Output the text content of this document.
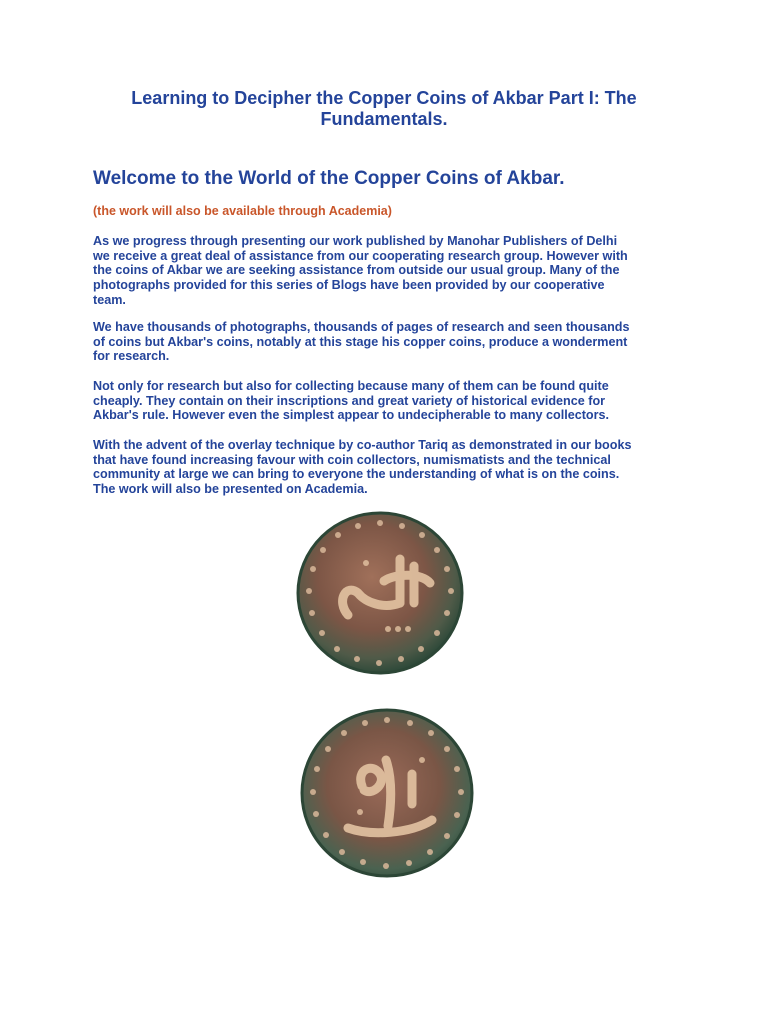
Learning to Decipher the Copper Coins of Akbar Part I: The
Fundamentals.
Welcome to the World of the Copper Coins of Akbar.
(the work will also be available through Academia)
As we progress through presenting our work published by Manohar Publishers of Delhi
we receive a great deal of assistance from our cooperating research group. However with
the coins of Akbar we are seeking assistance from outside our usual group. Many of the
photographs provided for this series of Blogs have been provided by our cooperative
team.
We have thousands of photographs, thousands of pages of research and seen thousands
of coins but Akbar's coins, notably at this stage his copper coins, produce a wonderment
for research.
Not only for research but also for collecting because many of them can be found quite
cheaply. They contain on their inscriptions and great variety of historical evidence for
Akbar's rule. However even the simplest appear to undecipherable to many collectors.
With the advent of the overlay technique by co-author Tariq as demonstrated in our books
that have found increasing favour with coin collectors, numismatists and the technical
community at large we can bring to everyone the understanding of what is on the coins.
The work will also be presented on Academia.
